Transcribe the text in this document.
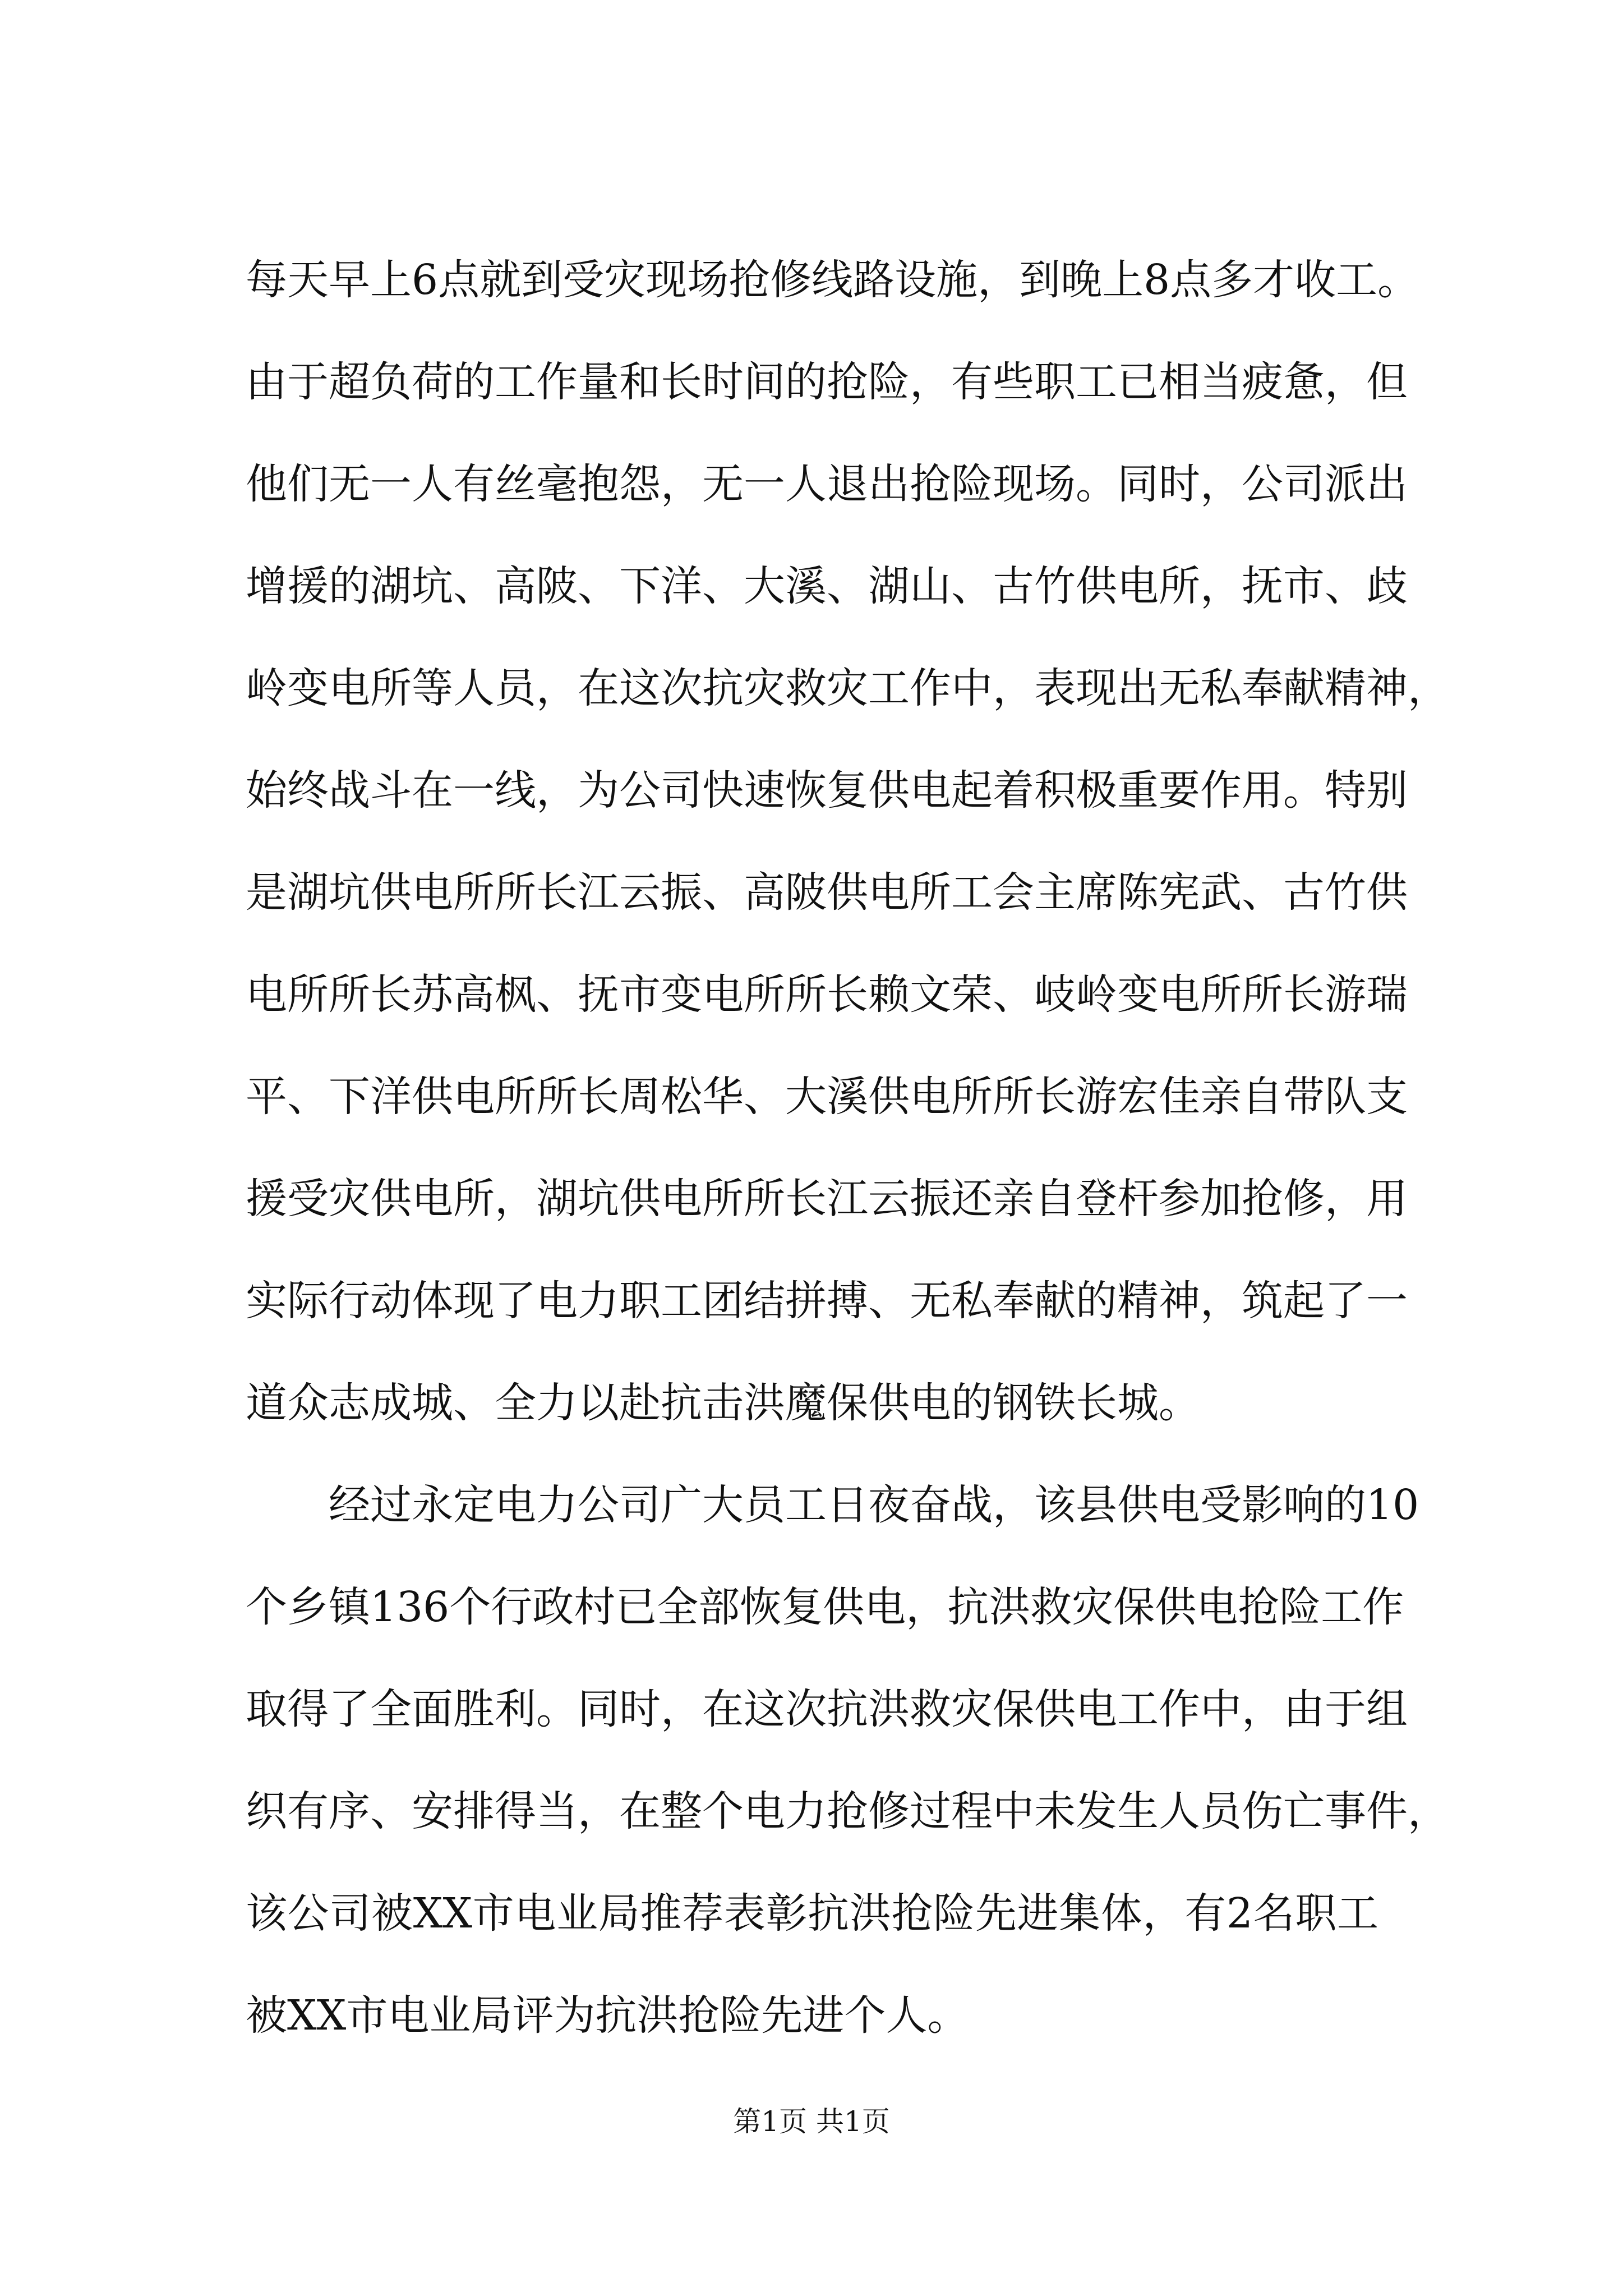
每天早上6点就到受灾现场抢修线路设施，到晚上8点多才收工。
由于超负荷的工作量和长时间的抢险，有些职工已相当疲惫，但
他们无一人有丝毫抱怨，无一人退出抢险现场。同时，公司派出
增援的湖坑、高陂、下洋、大溪、湖山、古竹供电所，抚市、歧
岭变电所等人员，在这次抗灾救灾工作中，表现出无私奉献精神，
始终战斗在一线，为公司快速恢复供电起着积极重要作用。特别
是湖坑供电所所长江云振、高陂供电所工会主席陈宪武、古竹供
电所所长苏高枫、抚市变电所所长赖文荣、岐岭变电所所长游瑞
平、下洋供电所所长周松华、大溪供电所所长游宏佳亲自带队支
援受灾供电所，湖坑供电所所长江云振还亲自登杆参加抢修，用
实际行动体现了电力职工团结拼搏、无私奉献的精神，筑起了一
道众志成城、全力以赴抗击洪魔保供电的钢铁长城。
经过永定电力公司广大员工日夜奋战，该县供电受影响的10
个乡镇136个行政村已全部恢复供电，抗洪救灾保供电抢险工作
取得了全面胜利。同时，在这次抗洪救灾保供电工作中，由于组
织有序、安排得当，在整个电力抢修过程中未发生人员伤亡事件，
该公司被XX市电业局推荐表彰抗洪抢险先进集体，有2名职工
被XX市电业局评为抗洪抢险先进个人。
第1页 共1页
